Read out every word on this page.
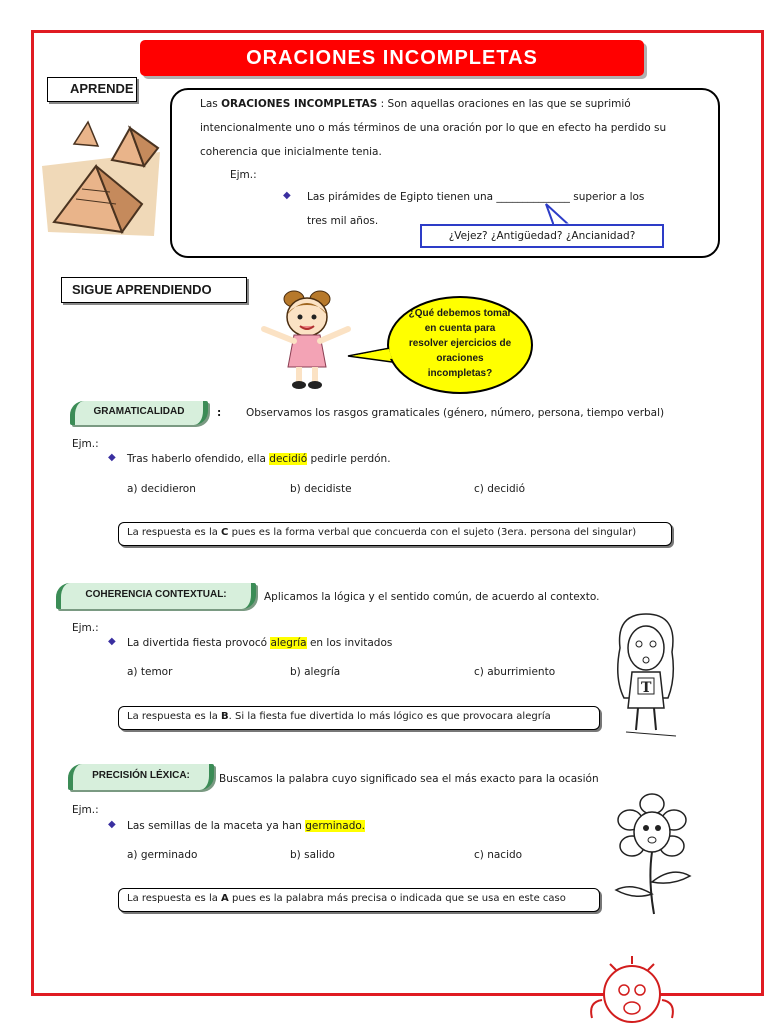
ORACIONES INCOMPLETAS
APRENDE
Las ORACIONES INCOMPLETAS : Son aquellas oraciones en las que se suprimió
intencionalmente uno o más términos de una oración por lo que en efecto ha perdido su
coherencia que inicialmente tenia.
Ejm.:
◆ Las pirámides de Egipto tienen una ______________ superior a los
tres mil años.
¿Vejez? ¿Antigüedad? ¿Ancianidad?
SIGUE APRENDIENDO
¿Qué debemos tomar en cuenta para resolver ejercicios de oraciones incompletas?
GRAMATICALIDAD	: Observamos los rasgos gramaticales (género, número, persona, tiempo verbal)
Ejm.:
◆ Tras haberlo ofendido, ella decidió pedirle perdón.
a) decidieron	b) decidiste	c) decidió
La respuesta es la C pues es la forma verbal que concuerda con el sujeto (3era. persona del singular)
COHERENCIA CONTEXTUAL:	Aplicamos la lógica y el sentido común, de acuerdo al contexto.
Ejm.:
◆ La divertida fiesta provocó alegría en los invitados
a) temor	b) alegría	c) aburrimiento
La respuesta es la B. Si la fiesta fue divertida lo más lógico es que provocara alegría
T
PRECISIÓN LÉXICA:	Buscamos la palabra cuyo significado sea el más exacto para la ocasión
Ejm.:
◆ Las semillas de la maceta ya han germinado.
a) germinado	b) salido	c) nacido
La respuesta es la A pues es la palabra más precisa o indicada que se usa en este caso
